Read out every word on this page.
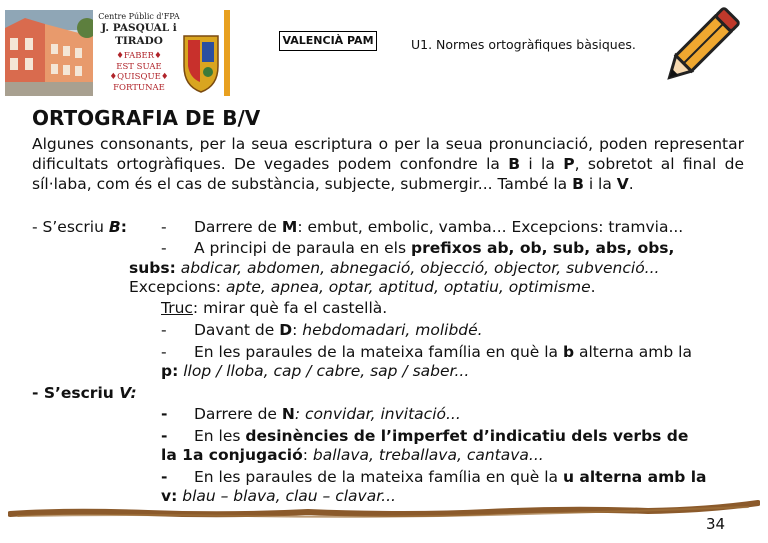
Centre Públic d'FPA
J. PASQUAL i TIRADO
♦FABER♦
EST SUAE
♦QUISQUE♦
FORTUNAE
VALENCIÀ PAM	U1. Normes ortogràfiques bàsiques.
ORTOGRAFIA DE B/V
Algunes consonants, per la seua escriptura o per la seua pronunciació, poden representar dificultats ortogràfiques. De vegades podem confondre la B i la P, sobretot al final de síl·laba, com és el cas de substància, subjecte, submergir... També la B i la V.
- S’escriu B: - Darrere de M: embut, embolic, vamba... Excepcions: tramvia...
- A principi de paraula en els prefixos ab, ob, sub, abs, obs,
subs: abdicar, abdomen, abnegació, objecció, objector, subvenció...
Excepcions: apte, apnea, optar, aptitud, optatiu, optimisme.
Truc: mirar què fa el castellà.
- Davant de D: hebdomadari, molibdé.
- En les paraules de la mateixa família en què la b alterna amb la
p: llop / lloba, cap / cabre, sap / saber...
- S’escriu V:
- Darrere de N: convidar, invitació...
- En les desinències de l’imperfet d’indicatiu dels verbs de
la 1a conjugació: ballava, treballava, cantava...
- En les paraules de la mateixa família en què la u alterna amb la
v: blau – blava, clau – clavar...
34
